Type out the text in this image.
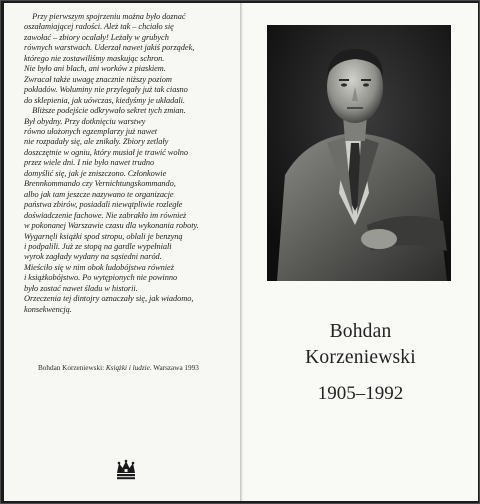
Przy pierwszym spojrzeniu można było doznać
oszałamiającej radości. Ależ tak – chciało się
zawołać – zbiory ocalały! Leżały w grubych
równych warstwach. Uderzał nawet jakiś porządek,
którego nie zostawiliśmy maskując schron.
Nie było ani blach, ani worków z piaskiem.
Zwracał także uwagę znacznie niższy poziom
pokładów. Woluminy nie przylegały już tak ciasno
do sklepienia, jak uówczas, kiedyśmy je układali.
Bliższe podejście odkrywało sekret tych zmian.
Był obydny. Przy dotknięciu warstwy
równo ułożonych egzemplarzy już nawet
nie rozpadały się, ale znikały. Zbiory zetlały
doszczętnie w ogniu, który musiał je trawić wolno
przez wiele dni. I nie było nawet trudno
domyślić się, jak je zniszczono. Członkowie
Brennkommando czy Vernichtungskommando,
albo jak tam jeszcze nazywano te organizacje
państwa zbirów, posiadali niewątpliwie rozległe
doświadczenie fachowe. Nie zabrakło im również
w pokonanej Warszawie czasu dla wykonania roboty.
Wygarnęli książki spod stropu, oblali je benzyną
i podpalili. Już ze stopą na gardle wypełniali
wyrok zagłady wydany na sąsiedni naród.
Mieściło się w nim obok ludobójstwa również
i książkobójstwo. Po wytępionych nie powinno
było zostać nawet śladu w historii.
Orzeczenia tej dintojry oznaczały się, jak wiadomo,
konsekwencją.
Bohdan Korzeniewski: Książki i ludzie. Warszawa 1993
Bohdan
Korzeniewski
1905–1992
